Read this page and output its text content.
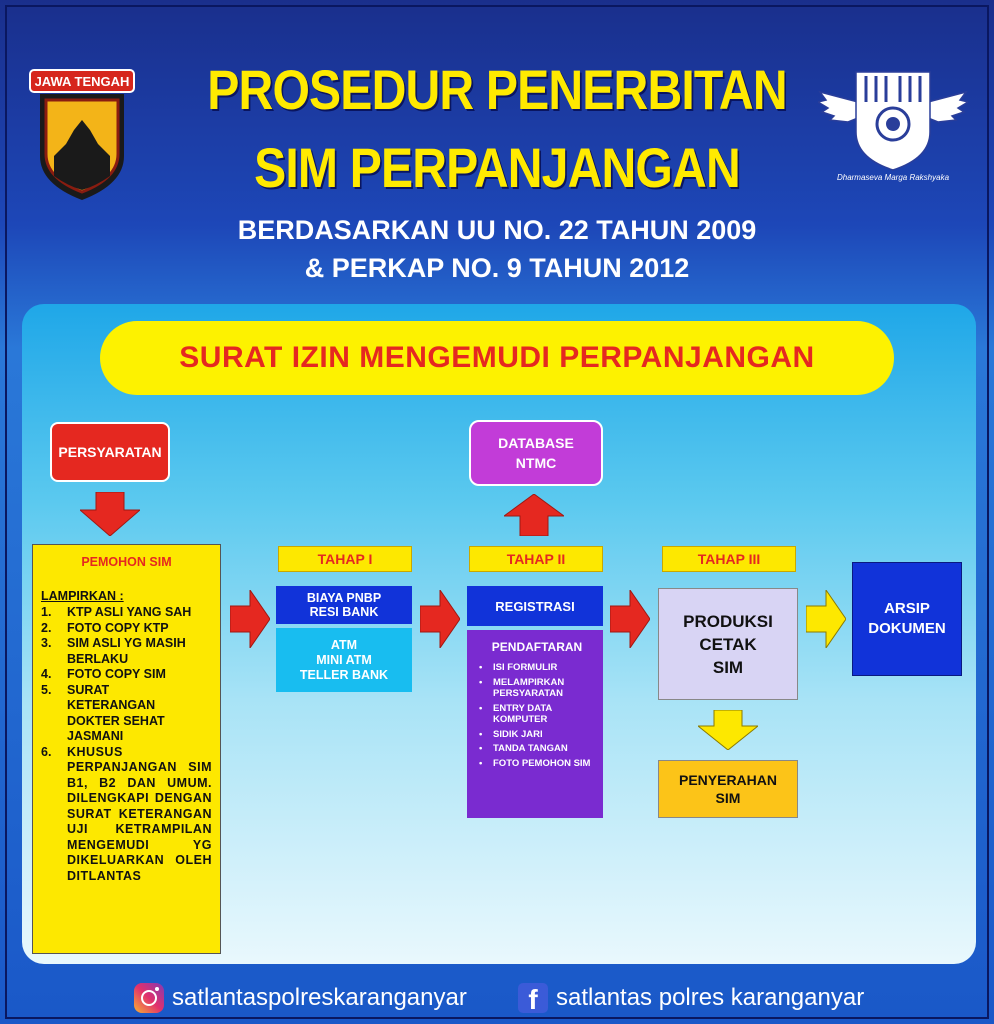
JAWA TENGAH PROSEDUR PENERBITAN
SIM PERPANJANGAN
BERDASARKAN UU NO. 22 TAHUN 2009
& PERKAP NO. 9 TAHUN 2012
Dharmaseva Marga Rakshyaka
SURAT IZIN MENGEMUDI PERPANJANGAN
PERSYARATAN
PEMOHON SIM
LAMPIRKAN :
1.	KTP ASLI YANG SAH
2.	FOTO COPY KTP
3.	SIM ASLI YG MASIH BERLAKU
4.	FOTO COPY SIM
5.	SURAT KETERANGAN DOKTER SEHAT JASMANI
6.	KHUSUS PERPANJANGAN SIM B1, B2 DAN UMUM. DILENGKAPI DENGAN SURAT KETERANGAN UJI KETRAMPILAN MENGEMUDI YG DIKELUARKAN OLEH DITLANTAS
TAHAP I
BIAYA PNBP
RESI BANK
ATM
MINI ATM
TELLER BANK
DATABASE
NTMC
TAHAP II
REGISTRASI
PENDAFTARAN
•	ISI FORMULIR
•	MELAMPIRKAN PERSYARATAN
•	ENTRY DATA KOMPUTER
•	SIDIK JARI
•	TANDA TANGAN
•	FOTO PEMOHON SIM
TAHAP III
PRODUKSI
CETAK
SIM
PENYERAHAN
SIM
ARSIP
DOKUMEN
satlantaspolreskaranganyar	f satlantas polres karanganyar
